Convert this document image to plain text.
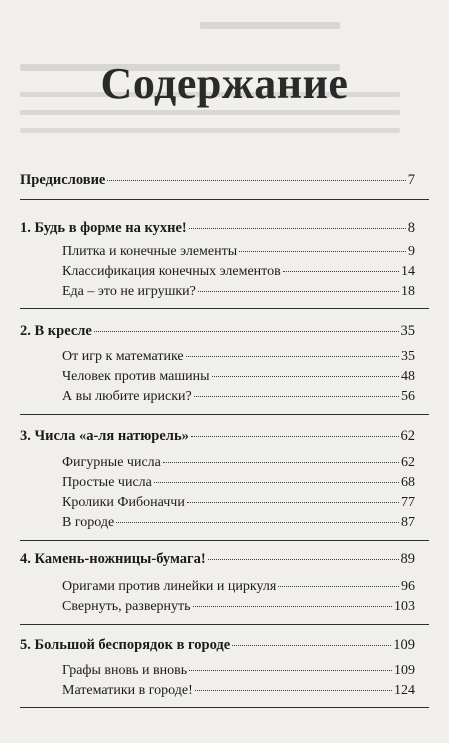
Содержание
Предисловие	7
1. Будь в форме на кухне!	8
Плитка и конечные элементы	9
Классификация конечных элементов	14
Еда – это не игрушки?	18
2. В кресле	35
От игр к математике	35
Человек против машины	48
А вы любите ириски?	56
3. Числа «а-ля натюрель»	62
Фигурные числа	62
Простые числа	68
Кролики Фибоначчи	77
В городе	87
4. Камень-ножницы-бумага!	89
Оригами против линейки и циркуля	96
Свернуть, развернуть	103
5. Большой беспорядок в городе	109
Графы вновь и вновь	109
Математики в городе!	124
